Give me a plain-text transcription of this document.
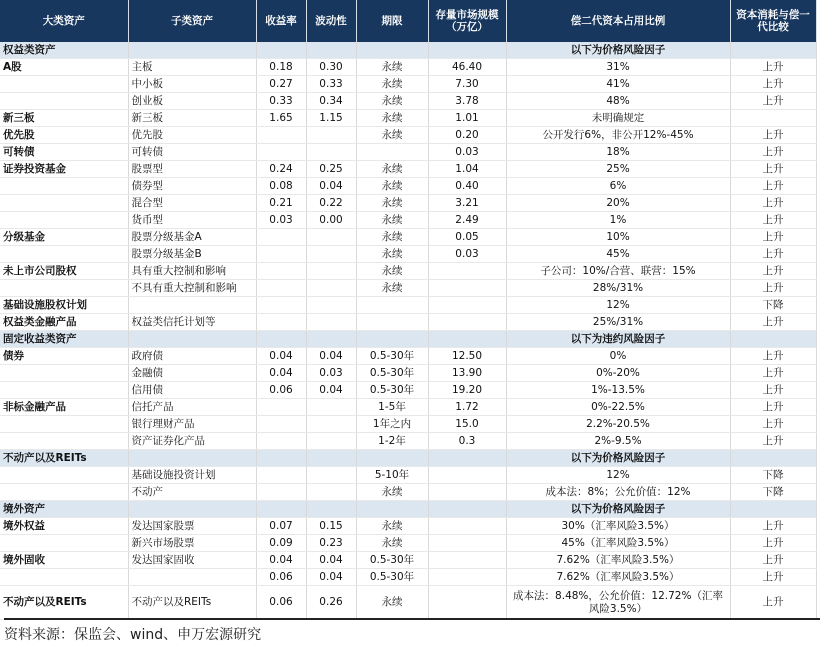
大类资产	子类资产	收益率	波动性	期限	存量市场规模（万亿）	偿二代资本占用比例	资本消耗与偿一代比较
权益类资产						以下为价格风险因子	
A股	主板	0.18	0.30	永续	46.40	31%	上升
	中小板	0.27	0.33	永续	7.30	41%	上升
	创业板	0.33	0.34	永续	3.78	48%	上升
新三板	新三板	1.65	1.15	永续	1.01	未明确规定	
优先股	优先股			永续	0.20	公开发行6%，非公开12%-45%	上升
可转债	可转债				0.03	18%	上升
证券投资基金	股票型	0.24	0.25	永续	1.04	25%	上升
	债券型	0.08	0.04	永续	0.40	6%	上升
	混合型	0.21	0.22	永续	3.21	20%	上升
	货币型	0.03	0.00	永续	2.49	1%	上升
分级基金	股票分级基金A			永续	0.05	10%	上升
	股票分级基金B			永续	0.03	45%	上升
未上市公司股权	具有重大控制和影响			永续		子公司：10%/合营、联营：15%	上升
	不具有重大控制和影响			永续		28%/31%	上升
基础设施股权计划						12%	下降
权益类金融产品	权益类信托计划等					25%/31%	上升
固定收益类资产						以下为违约风险因子	
债券	政府债	0.04	0.04	0.5-30年	12.50	0%	上升
	金融债	0.04	0.03	0.5-30年	13.90	0%-20%	上升
	信用债	0.06	0.04	0.5-30年	19.20	1%-13.5%	上升
非标金融产品	信托产品			1-5年	1.72	0%-22.5%	上升
	银行理财产品			1年之内	15.0	2.2%-20.5%	上升
	资产证券化产品			1-2年	0.3	2%-9.5%	上升
不动产以及REITs						以下为价格风险因子	
	基础设施投资计划			5-10年		12%	下降
	不动产			永续		成本法：8%；公允价值：12%	下降
境外资产						以下为价格风险因子	
境外权益	发达国家股票	0.07	0.15	永续		30%（汇率风险3.5%）	上升
	新兴市场股票	0.09	0.23	永续		45%（汇率风险3.5%）	上升
境外固收	发达国家固收	0.04	0.04	0.5-30年		7.62%（汇率风险3.5%）	上升
		0.06	0.04	0.5-30年		7.62%（汇率风险3.5%）	上升
不动产以及REITs	不动产以及REITs	0.06	0.26	永续		成本法：8.48%，公允价值：12.72%（汇率风险3.5%）	上升
资料来源：保监会、wind、申万宏源研究
